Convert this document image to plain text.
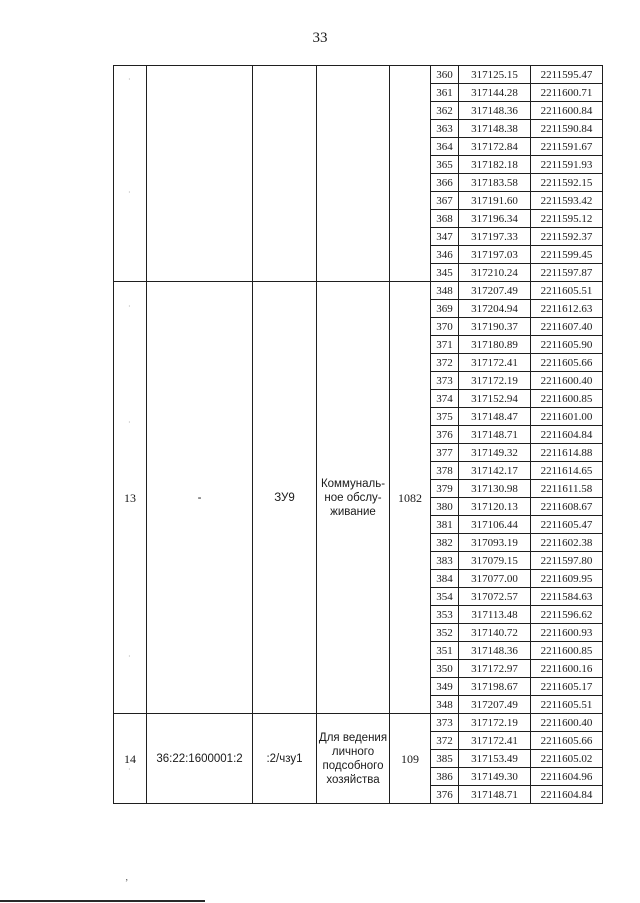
33
					360	317125.15	2211595.47
					361	317144.28	2211600.71
					362	317148.36	2211600.84
					363	317148.38	2211590.84
					364	317172.84	2211591.67
					365	317182.18	2211591.93
					366	317183.58	2211592.15
					367	317191.60	2211593.42
					368	317196.34	2211595.12
					347	317197.33	2211592.37
					346	317197.03	2211599.45
					345	317210.24	2211597.87
13	-	ЗУ9	Коммуналь-
ное обслу-
живание	1082	348	317207.49	2211605.51
					369	317204.94	2211612.63
					370	317190.37	2211607.40
					371	317180.89	2211605.90
					372	317172.41	2211605.66
					373	317172.19	2211600.40
					374	317152.94	2211600.85
					375	317148.47	2211601.00
					376	317148.71	2211604.84
					377	317149.32	2211614.88
					378	317142.17	2211614.65
					379	317130.98	2211611.58
					380	317120.13	2211608.67
					381	317106.44	2211605.47
					382	317093.19	2211602.38
					383	317079.15	2211597.80
					384	317077.00	2211609.95
					354	317072.57	2211584.63
					353	317113.48	2211596.62
					352	317140.72	2211600.93
					351	317148.36	2211600.85
					350	317172.97	2211600.16
					349	317198.67	2211605.17
					348	317207.49	2211605.51
14	36:22:1600001:2	:2/чзу1	Для ведения
личного
подсобного
хозяйства	109	373	317172.19	2211600.40
					372	317172.41	2211605.66
					385	317153.49	2211605.02
					386	317149.30	2211604.96
					376	317148.71	2211604.84
·
·
·
·
·
·
‚
